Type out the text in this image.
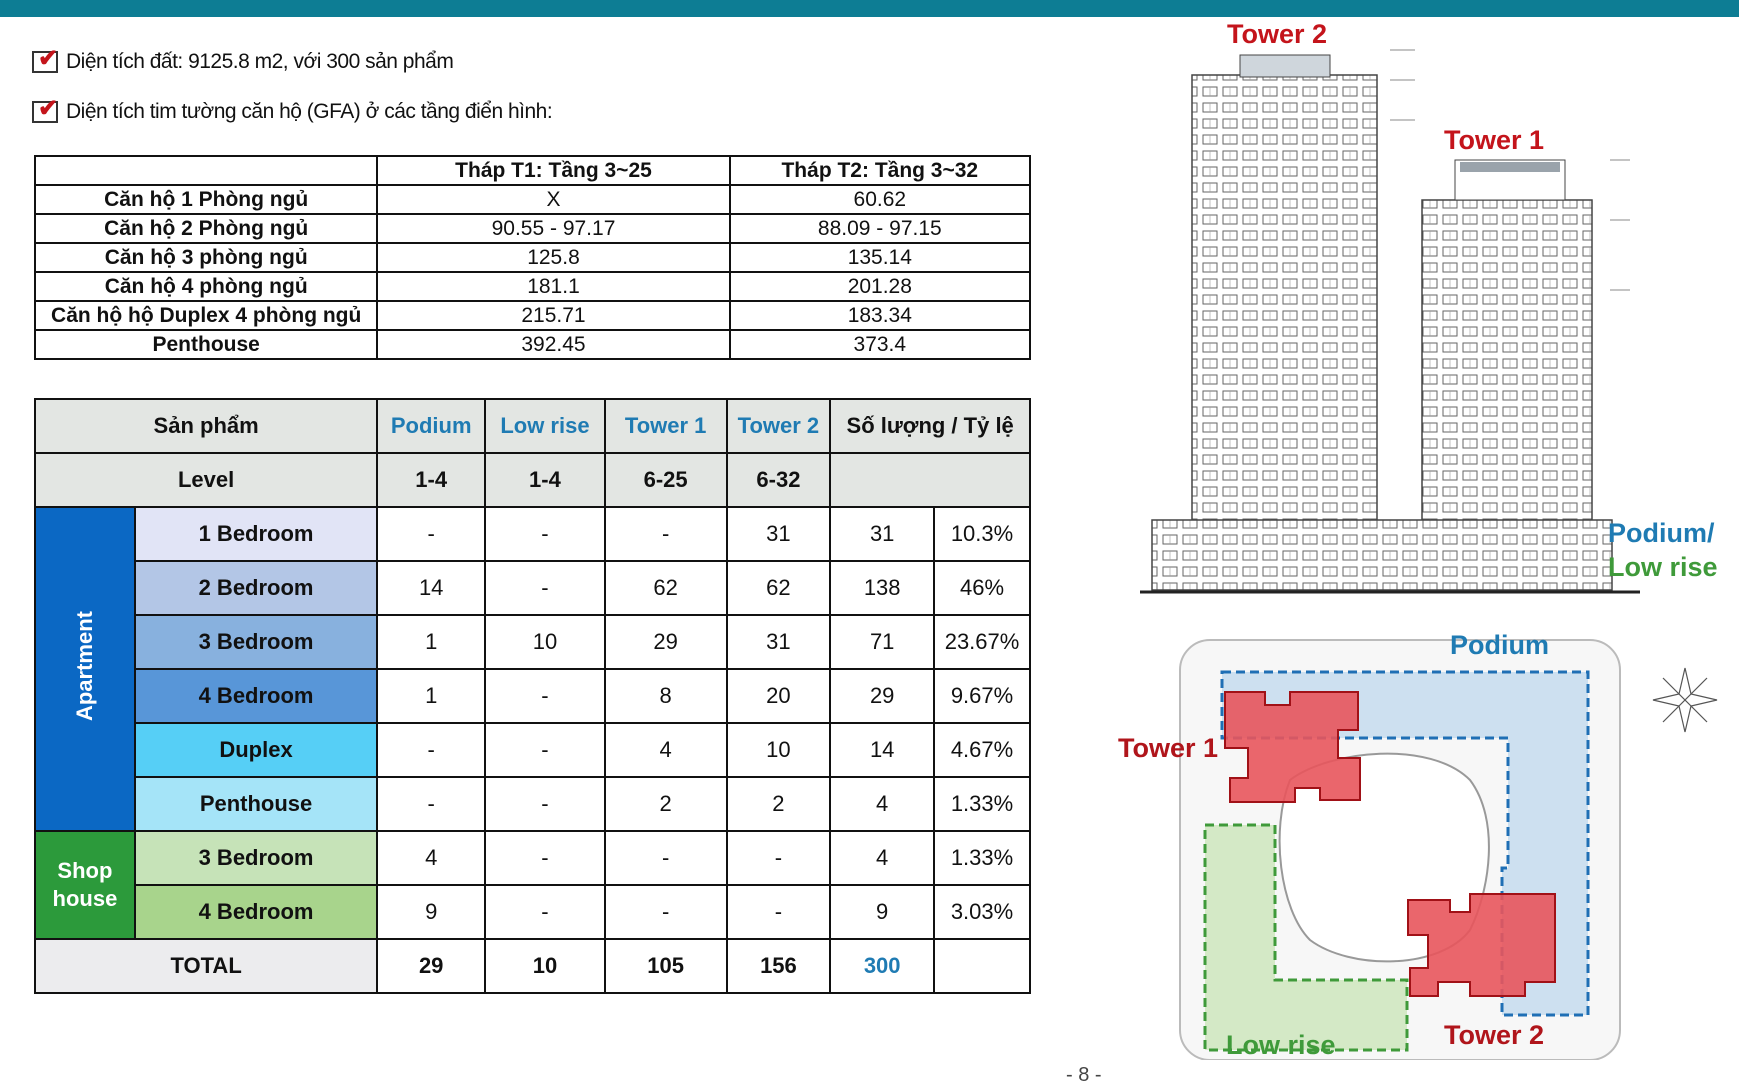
✔ Diện tích đất: 9125.8 m2, với 300 sản phẩm
✔ Diện tích tim tường căn hộ (GFA) ở các tầng điển hình:
	Tháp T1: Tầng 3~25	Tháp T2: Tầng 3~32
Căn hộ 1 Phòng ngủ	X	60.62
Căn hộ 2 Phòng ngủ	90.55 - 97.17	88.09 - 97.15
Căn hộ 3 phòng ngủ	125.8	135.14
Căn hộ 4 phòng ngủ	181.1	201.28
Căn hộ hộ Duplex 4 phòng ngủ	215.71	183.34
Penthouse	392.45	373.4
Sản phẩm		Podium	Low rise	Tower 1	Tower 2	Số lượng / Tỷ lệ	
Level		1-4	1-4	6-25	6-32		
Apartment	1 Bedroom	-	-	-	31	31	10.3%
	2 Bedroom	14	-	62	62	138	46%
	3 Bedroom	1	10	29	31	71	23.67%
	4 Bedroom	1	-	8	20	29	9.67%
	Duplex	-	-	4	10	14	4.67%
	Penthouse	-	-	2	2	4	1.33%

Shop
house	3 Bedroom	4	-	-	-	4	1.33%
	4 Bedroom	9	-	-	-	9	3.03%
TOTAL		29	10	105	156	300	
Tower 2
Tower 1
Podium/
Low rise
Podium
Tower 1
Tower 2
Low rise
- 8 -
